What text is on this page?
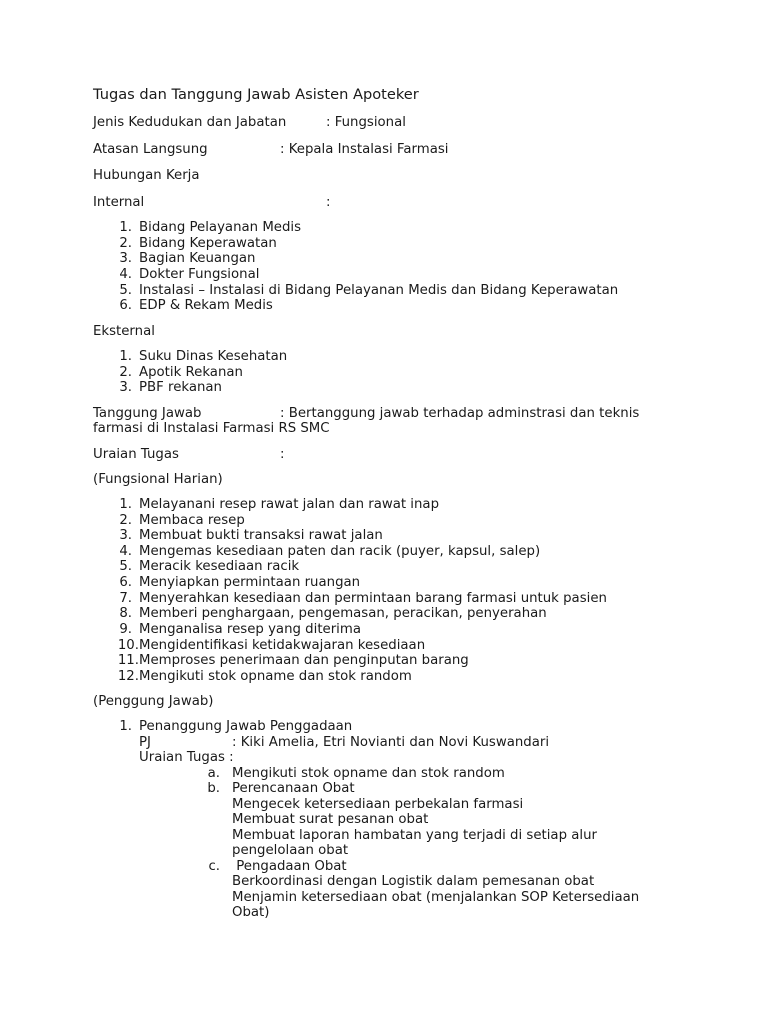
Tugas dan Tanggung Jawab Asisten Apoteker
Jenis Kedudukan dan Jabatan	: Fungsional
Atasan Langsung	: Kepala Instalasi Farmasi
Hubungan Kerja
Internal	:
1. Bidang Pelayanan Medis
2. Bidang Keperawatan
3. Bagian Keuangan
4. Dokter Fungsional
5. Instalasi – Instalasi di Bidang Pelayanan Medis dan Bidang Keperawatan
6. EDP & Rekam Medis
Eksternal
1. Suku Dinas Kesehatan
2. Apotik Rekanan
3. PBF rekanan
Tanggung Jawab	: Bertanggung jawab terhadap adminstrasi dan teknis
farmasi di Instalasi Farmasi RS SMC
Uraian Tugas	:
(Fungsional Harian)
1. Melayanani resep rawat jalan dan rawat inap
2. Membaca resep
3. Membuat bukti transaksi rawat jalan
4. Mengemas kesediaan paten dan racik (puyer, kapsul, salep)
5. Meracik kesediaan racik
6. Menyiapkan permintaan ruangan
7. Menyerahkan kesediaan dan permintaan barang farmasi untuk pasien
8. Memberi penghargaan, pengemasan, peracikan, penyerahan
9. Menganalisa resep yang diterima
10. Mengidentifikasi ketidakwajaran kesediaan
11. Memproses penerimaan dan penginputan barang
12. Mengikuti stok opname dan stok random
(Penggung Jawab)
1. Penanggung Jawab Penggadaan
PJ	: Kiki Amelia, Etri Novianti dan Novi Kuswandari
Uraian Tugas :
a. Mengikuti stok opname dan stok random
b. Perencanaan Obat
Mengecek ketersediaan perbekalan farmasi
Membuat surat pesanan obat
Membuat laporan hambatan yang terjadi di setiap alur
pengelolaan obat
c. Pengadaan Obat
Berkoordinasi dengan Logistik dalam pemesanan obat
Menjamin ketersediaan obat (menjalankan SOP Ketersediaan
Obat)
